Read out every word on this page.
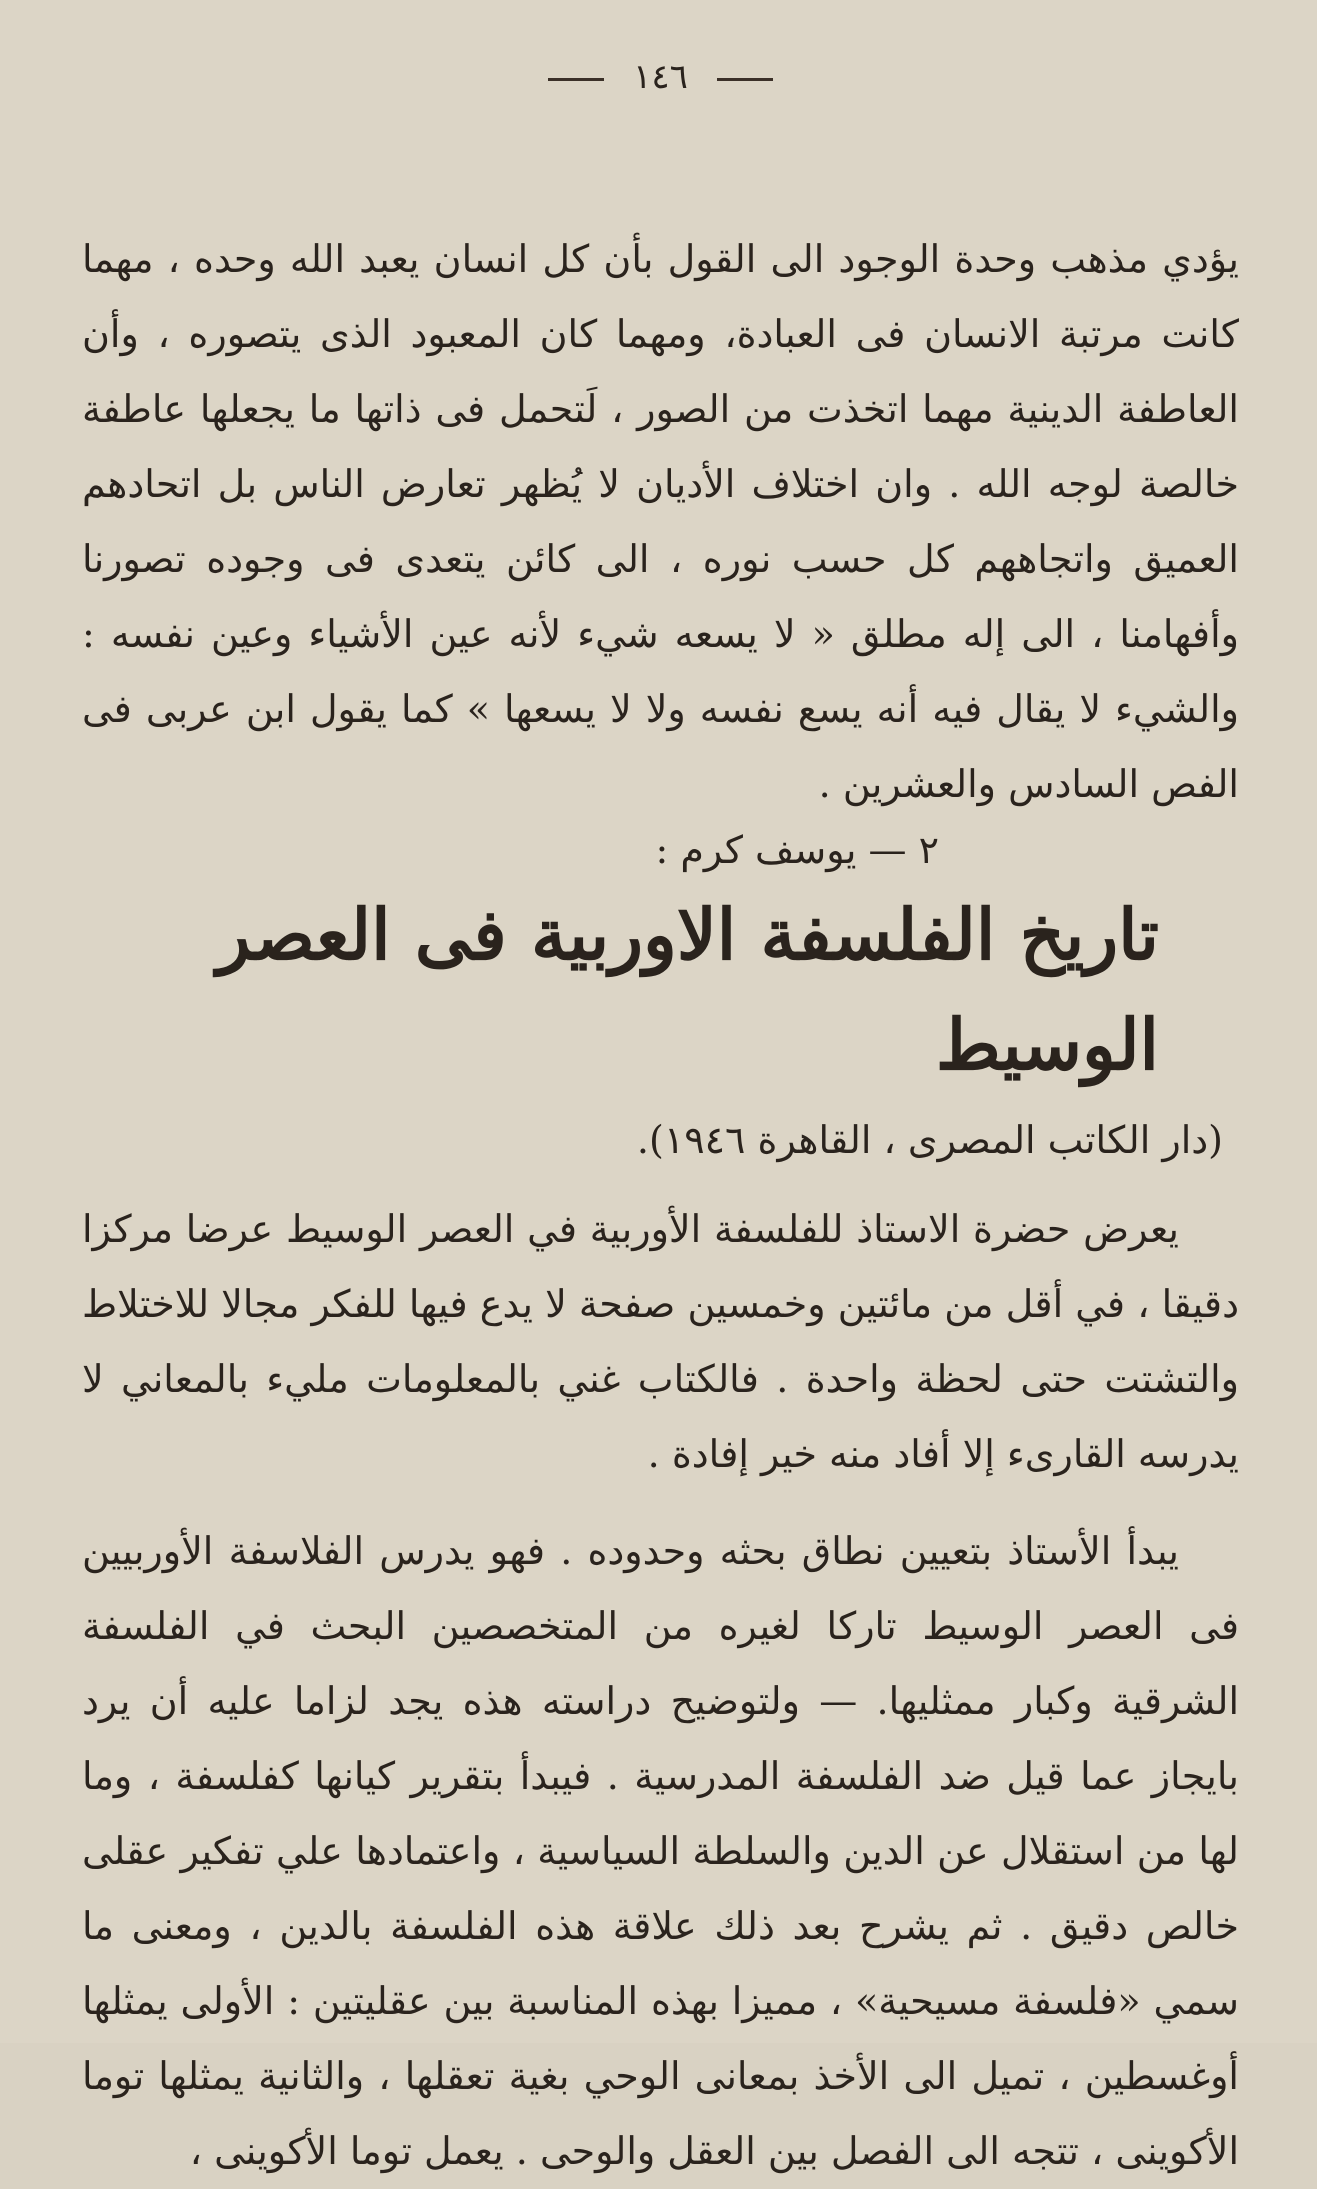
١٤٦

يؤدي مذهب وحدة الوجود الى القول بأن كل انسان يعبد الله وحده ، مهما كانت مرتبة الانسان فى العبادة، ومهما كان المعبود الذى يتصوره ، وأن العاطفة الدينية مهما اتخذت من الصور ، لَتحمل فى ذاتها ما يجعلها عاطفة خالصة لوجه الله . وان اختلاف الأديان لا يُظهر تعارض الناس بل اتحادهم العميق واتجاههم كل حسب نوره ، الى كائن يتعدى فى وجوده تصورنا وأفهامنا ، الى إله مطلق « لا يسعه شيء لأنه عين الأشياء وعين نفسه : والشيء لا يقال فيه أنه يسع نفسه ولا لا يسعها » كما يقول ابن عربى فى الفص السادس والعشرين .

٢ — يوسف كرم :

تاريخ الفلسفة الاوربية فى العصر الوسيط

(دار الكاتب المصرى ، القاهرة ١٩٤٦).

يعرض حضرة الاستاذ للفلسفة الأوربية في العصر الوسيط عرضا مركزا دقيقا ، في أقل من مائتين وخمسين صفحة لا يدع فيها للفكر مجالا للاختلاط والتشتت حتى لحظة واحدة . فالكتاب غني بالمعلومات مليء بالمعاني لا يدرسه القارىء إلا أفاد منه خير إفادة .

يبدأ الأستاذ بتعيين نطاق بحثه وحدوده . فهو يدرس الفلاسفة الأوربيين فى العصر الوسيط تاركا لغيره من المتخصصين البحث في الفلسفة الشرقية وكبار ممثليها. — ولتوضيح دراسته هذه يجد لزاما عليه أن يرد بايجاز عما قيل ضد الفلسفة المدرسية . فيبدأ بتقرير كيانها كفلسفة ، وما لها من استقلال عن الدين والسلطة السياسية ، واعتمادها علي تفكير عقلى خالص دقيق . ثم يشرح بعد ذلك علاقة هذه الفلسفة بالدين ، ومعنى ما سمي «فلسفة مسيحية» ، مميزا بهذه المناسبة بين عقليتين : الأولى يمثلها أوغسطين ، تميل الى الأخذ بمعانى الوحي بغية تعقلها ، والثانية يمثلها توما الأكوينى ، تتجه الى الفصل بين العقل والوحى . يعمل توما الأكوينى ،
